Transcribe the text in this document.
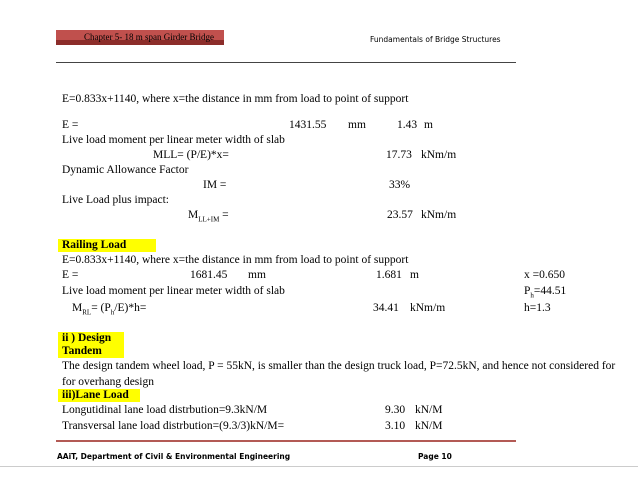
Chapter 5- 18 m span Girder Bridge	Fundamentals of Bridge Structures
E=0.833x+1140, where x=the distance in mm from load to point of support
E =	1431.55 mm	1.43 m
Live load moment per linear meter width of slab
MLL= (P/E)*x=	17.73 kNm/m
Dynamic Allowance Factor
IM =	33%
Live Load plus impact:
$M_{LL+IM}$ =	23.57 kNm/m
Railing Load
E=0.833x+1140, where x=the distance in mm from load to point of support
E =	1681.45 mm	1.681 m	x =0.650
Live load moment per linear meter width of slab	$P_h=44.51$
$M_{RL}= (P_h/E)*h=$	34.41 kNm/m	h=1.3
ii ) Design
Tandem
The design tandem wheel load, P = 55kN, is smaller than the design truck load, P=72.5kN, and hence not considered for
for overhang design
iii)Lane Load
Longutidinal lane load distrbution=9.3kN/M	9.30 kN/M
Transversal lane load distrbution=(9.3/3)kN/M=	3.10 kN/M
AAiT, Department of Civil & Environmental Engineering	Page 10
